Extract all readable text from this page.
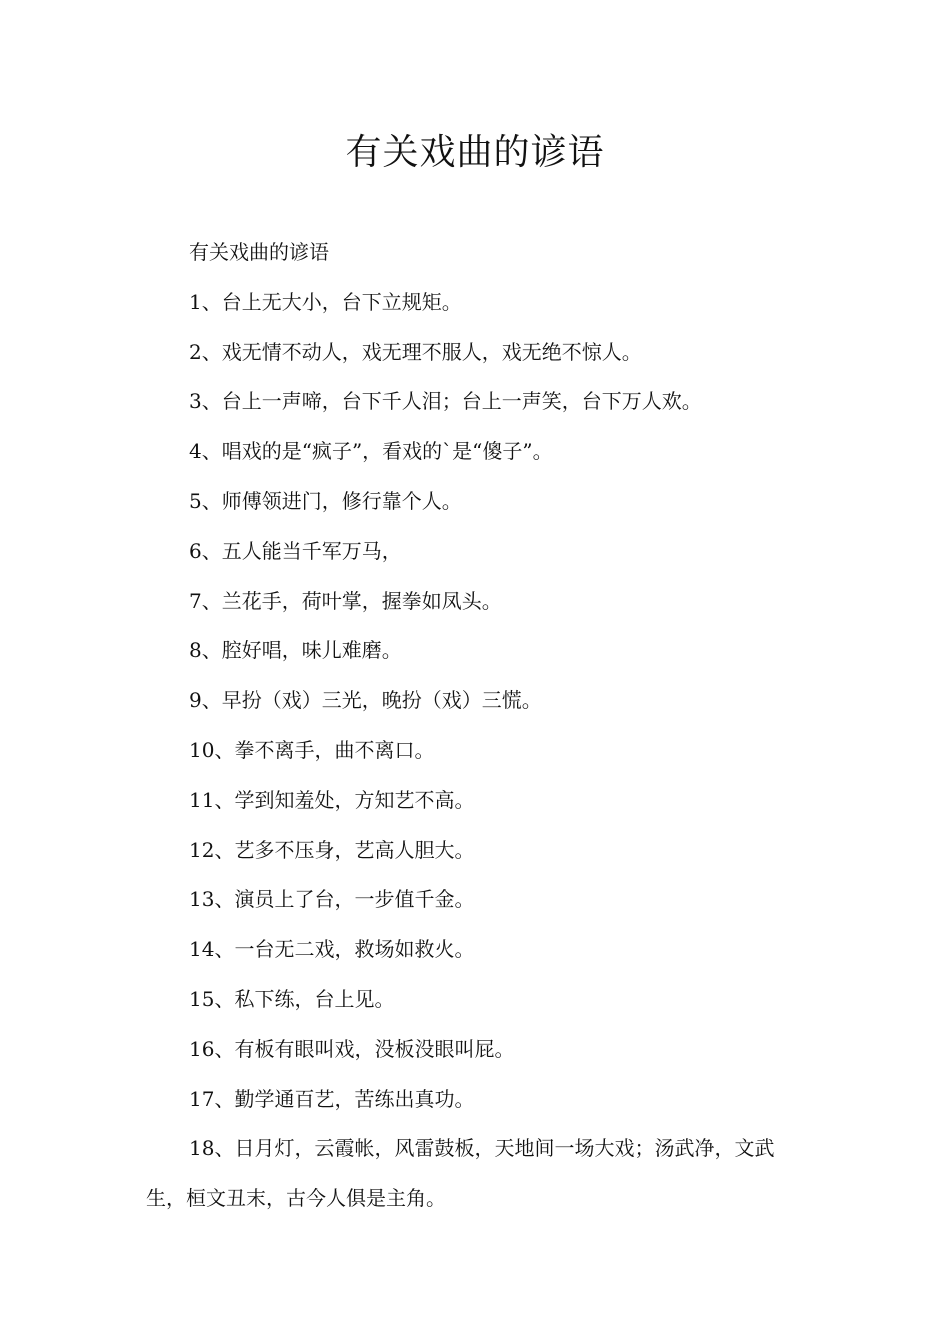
有关戏曲的谚语

有关戏曲的谚语

1、台上无大小，台下立规矩。

2、戏无情不动人，戏无理不服人，戏无绝不惊人。

3、台上一声啼，台下千人泪；台上一声笑，台下万人欢。

4、唱戏的是“疯子”，看戏的`是“傻子”。

5、师傅领进门，修行靠个人。

6、五人能当千军万马，

7、兰花手，荷叶掌，握拳如凤头。

8、腔好唱，味儿难磨。

9、早扮（戏）三光，晚扮（戏）三慌。

10、拳不离手，曲不离口。

11、学到知羞处，方知艺不高。

12、艺多不压身，艺高人胆大。

13、演员上了台，一步值千金。

14、一台无二戏，救场如救火。

15、私下练，台上见。

16、有板有眼叫戏，没板没眼叫屁。

17、勤学通百艺，苦练出真功。

18、日月灯，云霞帐，风雷鼓板，天地间一场大戏；汤武净，文武生，桓文丑末，古今人俱是主角。
